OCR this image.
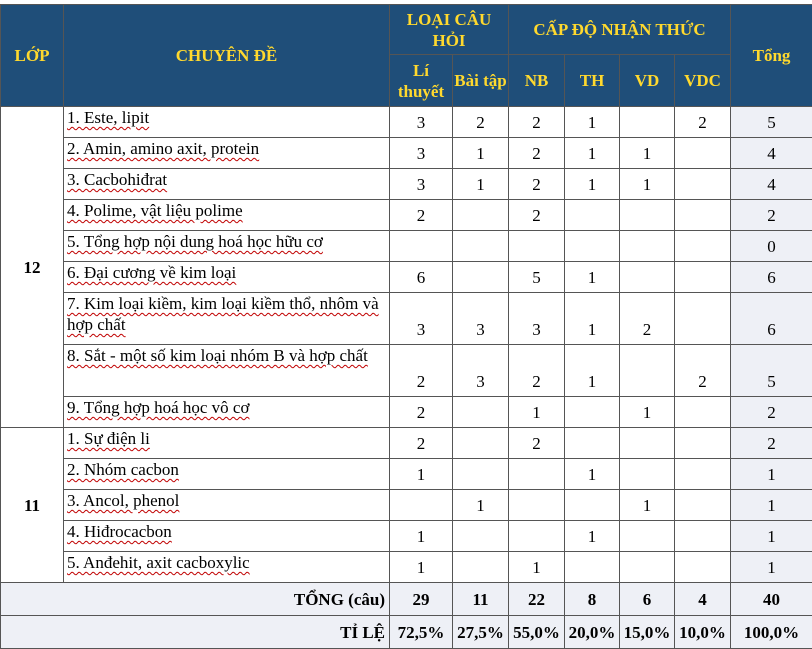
LỚP	CHUYÊN ĐỀ	LOẠI CÂU HỎI		CẤP ĐỘ NHẬN THỨC				Tổng
		Lí thuyết	Bài tập	NB	TH	VD	VDC	
12	1. Este, lipit	3	2	2	1		2	5
	2. Amin, amino axit, protein	3	1	2	1	1		4
	3. Cacbohiđrat	3	1	2	1	1		4
	4. Polime, vật liệu polime	2		2				2
	5. Tổng hợp nội dung hoá học hữu cơ							0
	6. Đại cương về kim loại	6		5	1			6
	7. Kim loại kiềm, kim loại kiềm thổ, nhôm và hợp chất	3	3	3	1	2		6
	8. Sắt - một số kim loại nhóm B và hợp chất	2	3	2	1		2	5
	9. Tổng hợp hoá học vô cơ	2		1		1		2
11	1. Sự điện li	2		2				2
	2. Nhóm cacbon	1			1			1
	3. Ancol, phenol		1			1		1
	4. Hiđrocacbon	1			1			1
	5. Anđehit, axit cacboxylic	1		1				1
TỔNG (câu)		29	11	22	8	6	4	40
TỈ LỆ		72,5%	27,5%	55,0%	20,0%	15,0%	10,0%	100,0%
